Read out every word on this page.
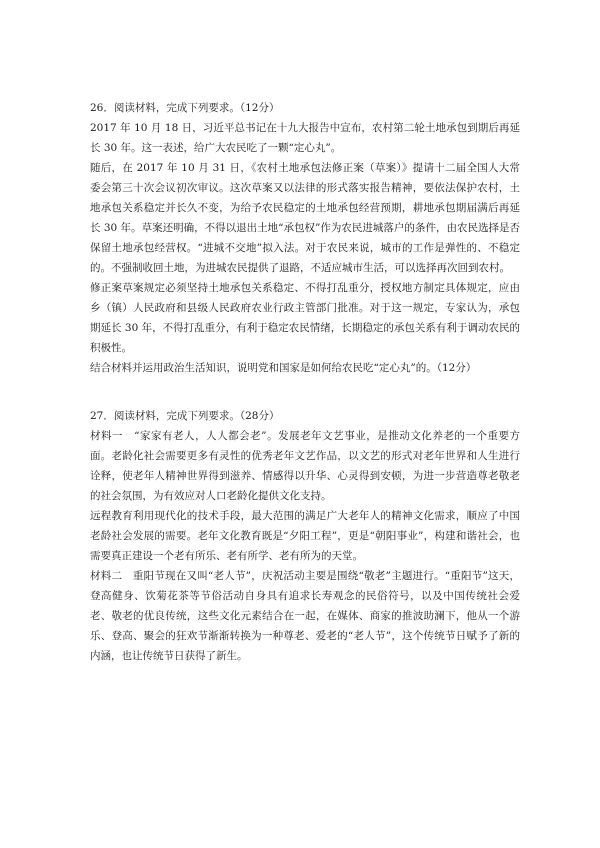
26．阅读材料，完成下列要求。（12分）

2017 年 10 月 18 日，习近平总书记在十九大报告中宣布，农村第二轮土地承包到期后再延长 30 年。这一表述，给广大农民吃了一颗“定心丸”。

随后，在 2017 年 10 月 31 日，《农村土地承包法修正案（草案）》提请十二届全国人大常委会第三十次会议初次审议。这次草案又以法律的形式落实报告精神，要依法保护农村，土地承包关系稳定并长久不变，为给予农民稳定的土地承包经营预期，耕地承包期届满后再延长 30 年。草案还明确，不得以退出土地“承包权”作为农民进城落户的条件，由农民选择是否保留土地承包经营权。“进城不交地”拟入法。对于农民来说，城市的工作是弹性的、不稳定的。不强制收回土地，为进城农民提供了退路，不适应城市生活，可以选择再次回到农村。

修正案草案规定必须坚持土地承包关系稳定、不得打乱重分，授权地方制定具体规定，应由乡（镇）人民政府和县级人民政府农业行政主管部门批准。对于这一规定，专家认为，承包期延长 30 年，不得打乱重分，有利于稳定农民情绪，长期稳定的承包关系有利于调动农民的积极性。

结合材料并运用政治生活知识，说明党和国家是如何给农民吃“定心丸”的。（12分）

27．阅读材料，完成下列要求。（28分）

材料一　“家家有老人，人人都会老”。发展老年文艺事业，是推动文化养老的一个重要方面。老龄化社会需要更多有灵性的优秀老年文艺作品，以文艺的形式对老年世界和人生进行诠释，使老年人精神世界得到滋养、情感得以升华、心灵得到安顿，为进一步营造尊老敬老的社会氛围，为有效应对人口老龄化提供文化支持。

远程教育利用现代化的技术手段，最大范围的满足广大老年人的精神文化需求，顺应了中国老龄社会发展的需要。老年文化教育既是“夕阳工程”，更是“朝阳事业”，构建和谐社会，也需要真正建设一个老有所乐、老有所学、老有所为的天堂。

材料二　重阳节现在又叫“老人节”，庆祝活动主要是围绕“敬老”主题进行。“重阳节”这天，登高健身、饮菊花茶等节俗活动自身具有追求长寿观念的民俗符号，以及中国传统社会爱老、敬老的优良传统，这些文化元素结合在一起，在媒体、商家的推波助澜下，他从一个游乐、登高、聚会的狂欢节渐渐转换为一种尊老、爱老的“老人节”，这个传统节日赋予了新的内涵，也让传统节日获得了新生。
